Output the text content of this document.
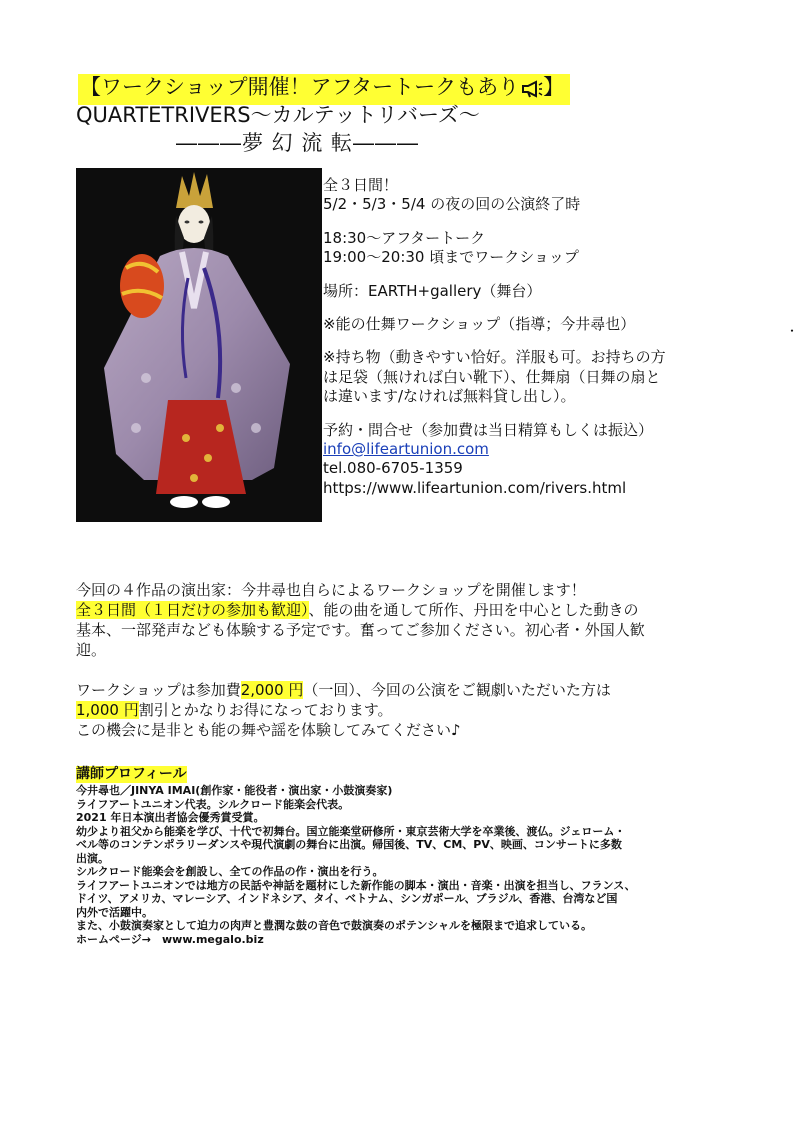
【ワークショップ開催！アフタートークもあり 】
QUARTETRIVERS～カルテットリバーズ～
―――夢 幻 流 転―――
全３日間！
5/2・5/3・5/4 の夜の回の公演終了時
18:30～アフタートーク
19:00～20:30 頃までワークショップ
場所：EARTH+gallery（舞台）
※能の仕舞ワークショップ（指導；今井尋也）
※持ち物（動きやすい恰好。洋服も可。お持ちの方
は足袋（無ければ白い靴下）、仕舞扇（日舞の扇と
は違います/なければ無料貸し出し）。
予約・問合せ（参加費は当日精算もしくは振込）
info@lifeartunion.com
tel.080-6705-1359
https://www.lifeartunion.com/rivers.html
・
今回の４作品の演出家：今井尋也自らによるワークショップを開催します！
全３日間（１日だけの参加も歓迎）、能の曲を通して所作、丹田を中心とした動きの
基本、一部発声なども体験する予定です。奮ってご参加ください。初心者・外国人歓
迎。
ワークショップは参加費2,000 円（一回）、今回の公演をご観劇いただいた方は
1,000 円割引とかなりお得になっております。
この機会に是非とも能の舞や謡を体験してみてください♪
講師プロフィール
今井尋也／JINYA IMAI(創作家・能役者・演出家・小鼓演奏家)
ライフアートユニオン代表。シルクロード能楽会代表。
2021 年日本演出者協会優秀賞受賞。
幼少より祖父から能楽を学び、十代で初舞台。国立能楽堂研修所・東京芸術大学を卒業後、渡仏。ジェローム・
ベル等のコンテンポラリーダンスや現代演劇の舞台に出演。帰国後、TV、CM、PV、映画、コンサートに多数
出演。
シルクロード能楽会を創設し、全ての作品の作・演出を行う。
ライフアートユニオンでは地方の民話や神話を題材にした新作能の脚本・演出・音楽・出演を担当し、フランス、
ドイツ、アメリカ、マレーシア、インドネシア、タイ、ベトナム、シンガポール、ブラジル、香港、台湾など国
内外で活躍中。
また、小鼓演奏家として迫力の肉声と豊潤な鼓の音色で鼓演奏のポテンシャルを極限まで追求している。
ホームページ→　www.megalo.biz
